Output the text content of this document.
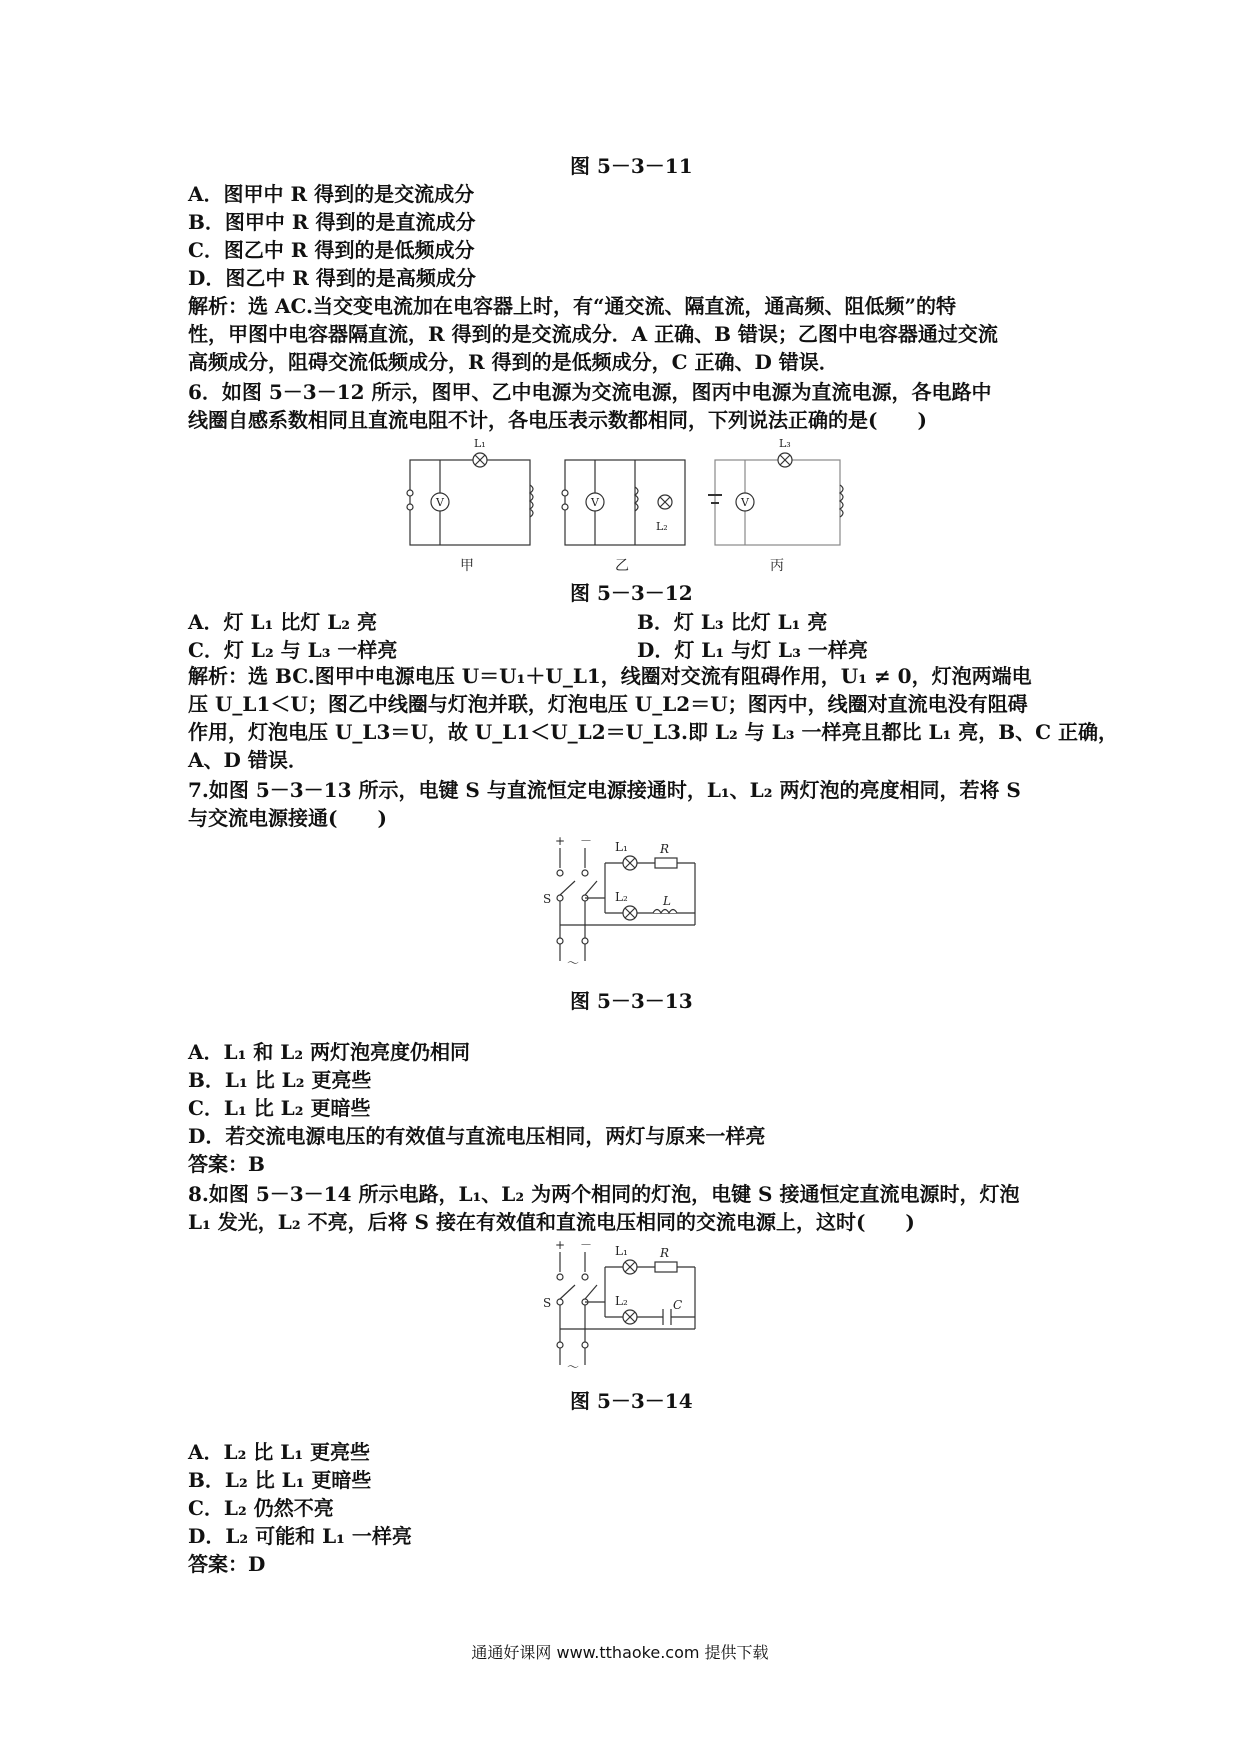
图 5－3－11
A．图甲中 R 得到的是交流成分
B．图甲中 R 得到的是直流成分
C．图乙中 R 得到的是低频成分
D．图乙中 R 得到的是高频成分
解析：选 AC.当交变电流加在电容器上时，有“通交流、隔直流，通高频、阻低频”的特
性，甲图中电容器隔直流，R 得到的是交流成分．A 正确、B 错误；乙图中电容器通过交流
高频成分，阻碍交流低频成分，R 得到的是低频成分，C 正确、D 错误．
6．如图 5－3－12 所示，图甲、乙中电源为交流电源，图丙中电源为直流电源，各电路中
线圈自感系数相同且直流电阻不计，各电压表示数都相同，下列说法正确的是(　　)
V	V	V
L₁
L₂
L₃
甲	乙	丙
图 5－3－12
A．灯 L₁ 比灯 L₂ 亮	B．灯 L₃ 比灯 L₁ 亮
C．灯 L₂ 与 L₃ 一样亮	D．灯 L₁ 与灯 L₃ 一样亮
解析：选 BC.图甲中电源电压 U＝U₁＋U_L1，线圈对交流有阻碍作用，U₁ ≠ 0，灯泡两端电
压 U_L1＜U；图乙中线圈与灯泡并联，灯泡电压 U_L2＝U；图丙中，线圈对直流电没有阻碍
作用，灯泡电压 U_L3＝U，故 U_L1＜U_L2＝U_L3.即 L₂ 与 L₃ 一样亮且都比 L₁ 亮，B、C 正确，
A、D 错误．
7.如图 5－3－13 所示，电键 S 与直流恒定电源接通时，L₁、L₂ 两灯泡的亮度相同，若将 S
与交流电源接通(　　)
+ －
S
L₁
L₂
R
L
～
图 5－3－13
A．L₁ 和 L₂ 两灯泡亮度仍相同
B．L₁ 比 L₂ 更亮些
C．L₁ 比 L₂ 更暗些
D．若交流电源电压的有效值与直流电压相同，两灯与原来一样亮
答案：B
8.如图 5－3－14 所示电路，L₁、L₂ 为两个相同的灯泡，电键 S 接通恒定直流电源时，灯泡
L₁ 发光，L₂ 不亮，后将 S 接在有效值和直流电压相同的交流电源上，这时(　　)
+ －
S
L₁
L₂
R
C
～
图 5－3－14
A．L₂ 比 L₁ 更亮些
B．L₂ 比 L₁ 更暗些
C．L₂ 仍然不亮
D．L₂ 可能和 L₁ 一样亮
答案：D
通通好课网 www.tthaoke.com 提供下载
